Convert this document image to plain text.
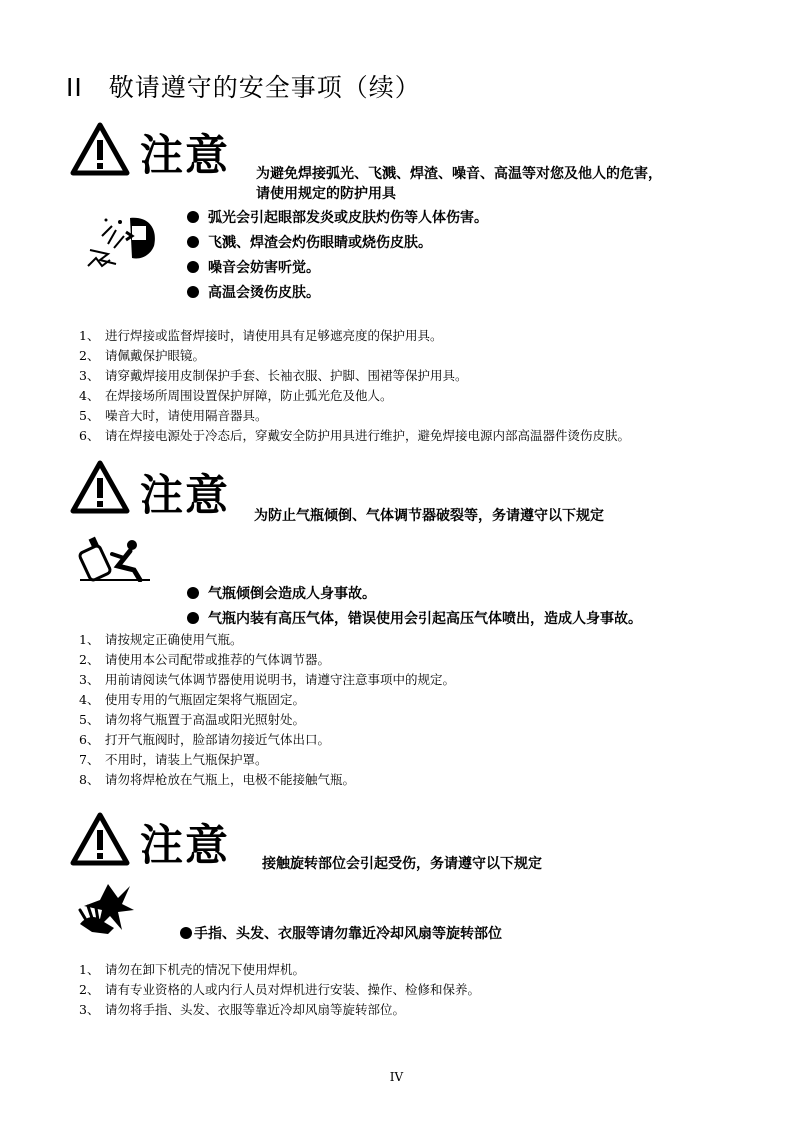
II　敬请遵守的安全事项（续）
注意 为避免焊接弧光、飞溅、焊渣、噪音、高温等对您及他人的危害，
请使用规定的防护用具
弧光会引起眼部发炎或皮肤灼伤等人体伤害。
飞溅、焊渣会灼伤眼睛或烧伤皮肤。
噪音会妨害听觉。
高温会烫伤皮肤。
1、 进行焊接或监督焊接时，请使用具有足够遮亮度的保护用具。
2、 请佩戴保护眼镜。
3、 请穿戴焊接用皮制保护手套、长袖衣服、护脚、围裙等保护用具。
4、 在焊接场所周围设置保护屏障，防止弧光危及他人。
5、 噪音大时，请使用隔音器具。
6、 请在焊接电源处于冷态后，穿戴安全防护用具进行维护，避免焊接电源内部高温器件烫伤皮肤。
注意 为防止气瓶倾倒、气体调节器破裂等，务请遵守以下规定
气瓶倾倒会造成人身事故。
气瓶内装有高压气体，错误使用会引起高压气体喷出，造成人身事故。
1、 请按规定正确使用气瓶。
2、 请使用本公司配带或推荐的气体调节器。
3、 用前请阅读气体调节器使用说明书，请遵守注意事项中的规定。
4、 使用专用的气瓶固定架将气瓶固定。
5、 请勿将气瓶置于高温或阳光照射处。
6、 打开气瓶阀时，脸部请勿接近气体出口。
7、 不用时，请装上气瓶保护罩。
8、 请勿将焊枪放在气瓶上，电极不能接触气瓶。
注意 接触旋转部位会引起受伤，务请遵守以下规定
手指、头发、衣服等请勿靠近冷却风扇等旋转部位
1、 请勿在卸下机壳的情况下使用焊机。
2、 请有专业资格的人或内行人员对焊机进行安装、操作、检修和保养。
3、 请勿将手指、头发、衣服等靠近冷却风扇等旋转部位。
IV
